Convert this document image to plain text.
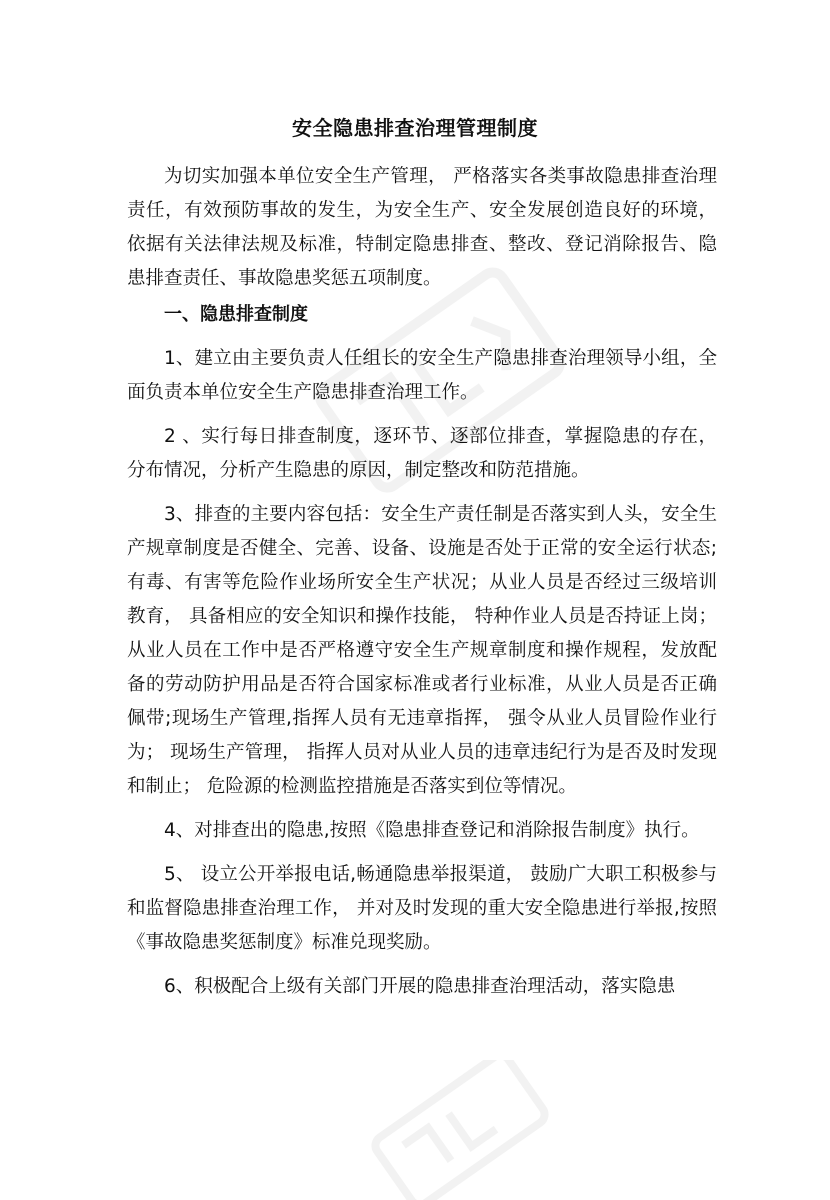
安全隐患排查治理管理制度

为切实加强本单位安全生产管理， 严格落实各类事故隐患排查治理责任，有效预防事故的发生，为安全生产、安全发展创造良好的环境，依据有关法律法规及标准，特制定隐患排查、整改、登记消除报告、隐患排查责任、事故隐患奖惩五项制度。

一、隐患排查制度

1、建立由主要负责人任组长的安全生产隐患排查治理领导小组，全面负责本单位安全生产隐患排查治理工作。

2 、实行每日排查制度，逐环节、逐部位排查，掌握隐患的存在，分布情况，分析产生隐患的原因，制定整改和防范措施。

3、排查的主要内容包括：安全生产责任制是否落实到人头，安全生产规章制度是否健全、完善、设备、设施是否处于正常的安全运行状态;有毒、有害等危险作业场所安全生产状况；从业人员是否经过三级培训教育， 具备相应的安全知识和操作技能， 特种作业人员是否持证上岗； 从业人员在工作中是否严格遵守安全生产规章制度和操作规程，发放配备的劳动防护用品是否符合国家标准或者行业标准，从业人员是否正确佩带;现场生产管理,指挥人员有无违章指挥， 强令从业人员冒险作业行为； 现场生产管理， 指挥人员对从业人员的违章违纪行为是否及时发现和制止； 危险源的检测监控措施是否落实到位等情况。

4、对排查出的隐患,按照《隐患排查登记和消除报告制度》执行。

5、 设立公开举报电话,畅通隐患举报渠道， 鼓励广大职工积极参与和监督隐患排查治理工作， 并对及时发现的重大安全隐患进行举报,按照《事故隐患奖惩制度》标准兑现奖励。

6、积极配合上级有关部门开展的隐患排查治理活动，落实隐患
